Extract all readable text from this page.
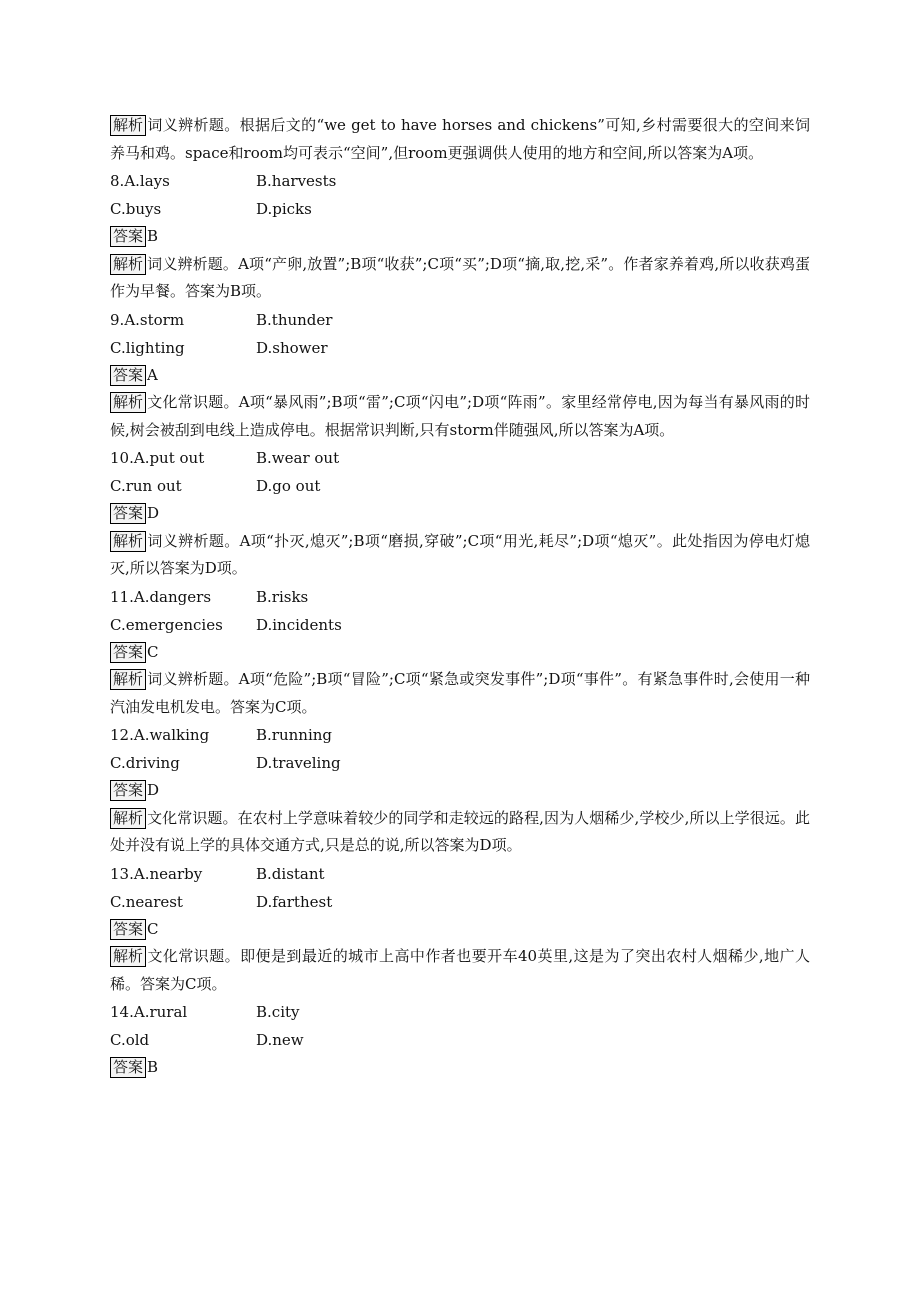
解析 词义辨析题。根据后文的“we get to have horses and chickens”可知,乡村需要很大的空间来饲养马和鸡。space和room均可表示“空间”,但room更强调供人使用的地方和空间,所以答案为A项。

8.A.lays	B.harvests
C.buys	D.picks

答案 B

解析 词义辨析题。A项“产卵,放置”;B项“收获”;C项“买”;D项“摘,取,挖,采”。作者家养着鸡,所以收获鸡蛋作为早餐。答案为B项。

9.A.storm	B.thunder
C.lighting	D.shower

答案 A

解析 文化常识题。A项“暴风雨”;B项“雷”;C项“闪电”;D项“阵雨”。家里经常停电,因为每当有暴风雨的时候,树会被刮到电线上造成停电。根据常识判断,只有storm伴随强风,所以答案为A项。

10.A.put out	B.wear out
C.run out	D.go out

答案 D

解析 词义辨析题。A项“扑灭,熄灭”;B项“磨损,穿破”;C项“用光,耗尽”;D项“熄灭”。此处指因为停电灯熄灭,所以答案为D项。

11.A.dangers	B.risks
C.emergencies	D.incidents

答案 C

解析 词义辨析题。A项“危险”;B项“冒险”;C项“紧急或突发事件”;D项“事件”。有紧急事件时,会使用一种汽油发电机发电。答案为C项。

12.A.walking	B.running
C.driving	D.traveling

答案 D

解析 文化常识题。在农村上学意味着较少的同学和走较远的路程,因为人烟稀少,学校少,所以上学很远。此处并没有说上学的具体交通方式,只是总的说,所以答案为D项。

13.A.nearby	B.distant
C.nearest	D.farthest

答案 C

解析 文化常识题。即便是到最近的城市上高中作者也要开车40英里,这是为了突出农村人烟稀少,地广人稀。答案为C项。

14.A.rural	B.city
C.old	D.new

答案 B
